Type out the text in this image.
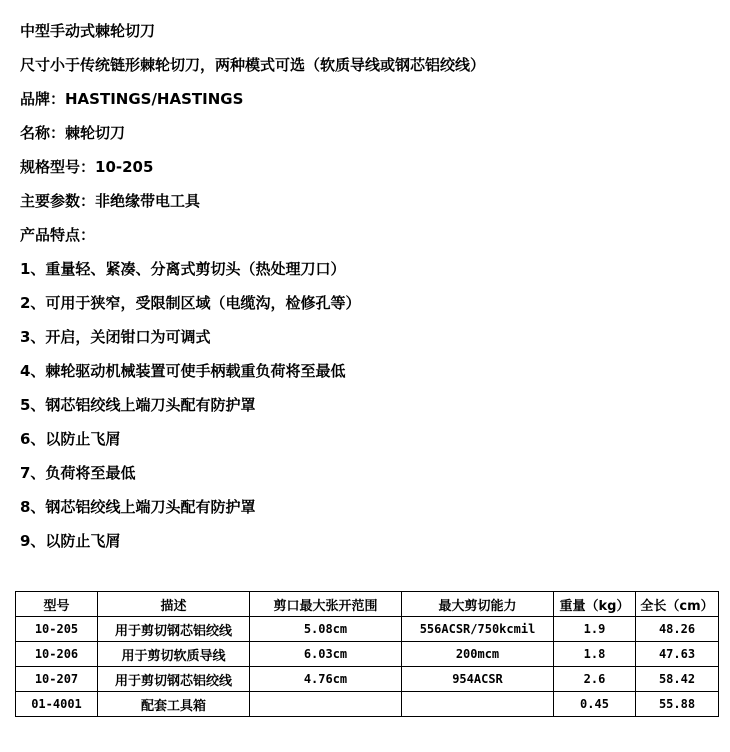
中型手动式棘轮切刀
尺寸小于传统链形棘轮切刀，两种模式可选（软质导线或钢芯铝绞线）
品牌：HASTINGS/HASTINGS
名称：棘轮切刀
规格型号：10-205
主要参数：非绝缘带电工具
产品特点：
1、重量轻、紧凑、分离式剪切头（热处理刀口）
2、可用于狭窄，受限制区域（电缆沟，检修孔等）
3、开启，关闭钳口为可调式
4、棘轮驱动机械装置可使手柄载重负荷将至最低
5、钢芯铝绞线上端刀头配有防护罩
6、以防止飞屑
7、负荷将至最低
8、钢芯铝绞线上端刀头配有防护罩
9、以防止飞屑
型号	描述	剪口最大张开范围	最大剪切能力	重量（kg）	全长（cm）
10-205	用于剪切钢芯铝绞线	5.08cm	556ACSR/750kcmil	1.9	48.26
10-206	用于剪切软质导线	6.03cm	200mcm	1.8	47.63
10-207	用于剪切钢芯铝绞线	4.76cm	954ACSR	2.6	58.42
01-4001	配套工具箱			0.45	55.88
